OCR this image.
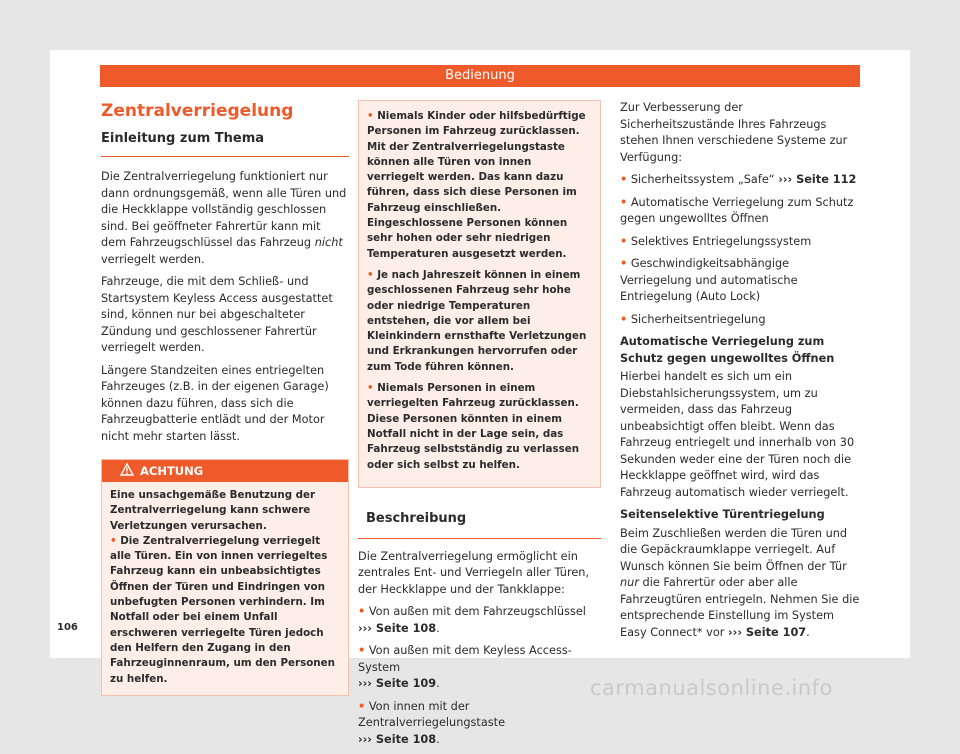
Bedienung
Zentralverriegelung
Einleitung zum Thema

Die Zentralverriegelung funktioniert nur dann ordnungsgemäß, wenn alle Türen und die Heckklappe vollständig geschlossen sind. Bei geöffneter Fahrertür kann mit dem Fahrzeugschlüssel das Fahrzeug nicht verriegelt werden.

Fahrzeuge, die mit dem Schließ- und Startsystem Keyless Access ausgestattet sind, können nur bei abgeschalteter Zündung und geschlossener Fahrertür verriegelt werden.

Längere Standzeiten eines entriegelten Fahrzeuges (z.B. in der eigenen Garage) können dazu führen, dass sich die Fahrzeugbatterie entlädt und der Motor nicht mehr starten lässt.

ACHTUNG

Eine unsachgemäße Benutzung der Zentralverriegelung kann schwere Verletzungen verursachen.

• Die Zentralverriegelung verriegelt alle Türen. Ein von innen verriegeltes Fahrzeug kann ein unbeabsichtigtes Öffnen der Türen und Eindringen von unbefugten Personen verhindern. Im Notfall oder bei einem Unfall erschweren verriegelte Türen jedoch den Helfern den Zugang in den Fahrzeuginnenraum, um den Personen zu helfen.

• Niemals Kinder oder hilfsbedürftige Personen im Fahrzeug zurücklassen. Mit der Zentralverriegelungstaste können alle Türen von innen verriegelt werden. Das kann dazu führen, dass sich diese Personen im Fahrzeug einschließen. Eingeschlossene Personen können sehr hohen oder sehr niedrigen Temperaturen ausgesetzt werden.

• Je nach Jahreszeit können in einem geschlossenen Fahrzeug sehr hohe oder niedrige Temperaturen entstehen, die vor allem bei Kleinkindern ernsthafte Verletzungen und Erkrankungen hervorrufen oder zum Tode führen können.

• Niemals Personen in einem verriegelten Fahrzeug zurücklassen. Diese Personen könnten in einem Notfall nicht in der Lage sein, das Fahrzeug selbstständig zu verlassen oder sich selbst zu helfen.

Beschreibung

Die Zentralverriegelung ermöglicht ein zentrales Ent- und Verriegeln aller Türen, der Heckklappe und der Tankklappe:

• Von außen mit dem Fahrzeugschlüssel
››› Seite 108.

• Von außen mit dem Keyless Access-System
››› Seite 109.

• Von innen mit der Zentralverriegelungstaste
››› Seite 108.

Zur Verbesserung der Sicherheitszustände Ihres Fahrzeugs stehen Ihnen verschiedene Systeme zur Verfügung:

• Sicherheitssystem „Safe“ ››› Seite 112

• Automatische Verriegelung zum Schutz gegen ungewolltes Öffnen

• Selektives Entriegelungssystem

• Geschwindigkeitsabhängige Verriegelung und automatische Entriegelung (Auto Lock)

• Sicherheitsentriegelung

Automatische Verriegelung zum Schutz gegen ungewolltes Öffnen

Hierbei handelt es sich um ein Diebstahlsicherungssystem, um zu vermeiden, dass das Fahrzeug unbeabsichtigt offen bleibt. Wenn das Fahrzeug entriegelt und innerhalb von 30 Sekunden weder eine der Türen noch die Heckklappe geöffnet wird, wird das Fahrzeug automatisch wieder verriegelt.

Seitenselektive Türentriegelung

Beim Zuschließen werden die Türen und die Gepäckraumklappe verriegelt. Auf Wunsch können Sie beim Öffnen der Tür nur die Fahrertür oder aber alle Fahrzeugtüren entriegeln. Nehmen Sie die entsprechende Einstellung im System Easy Connect* vor ››› Seite 107.

106
carmanualsonline.info
